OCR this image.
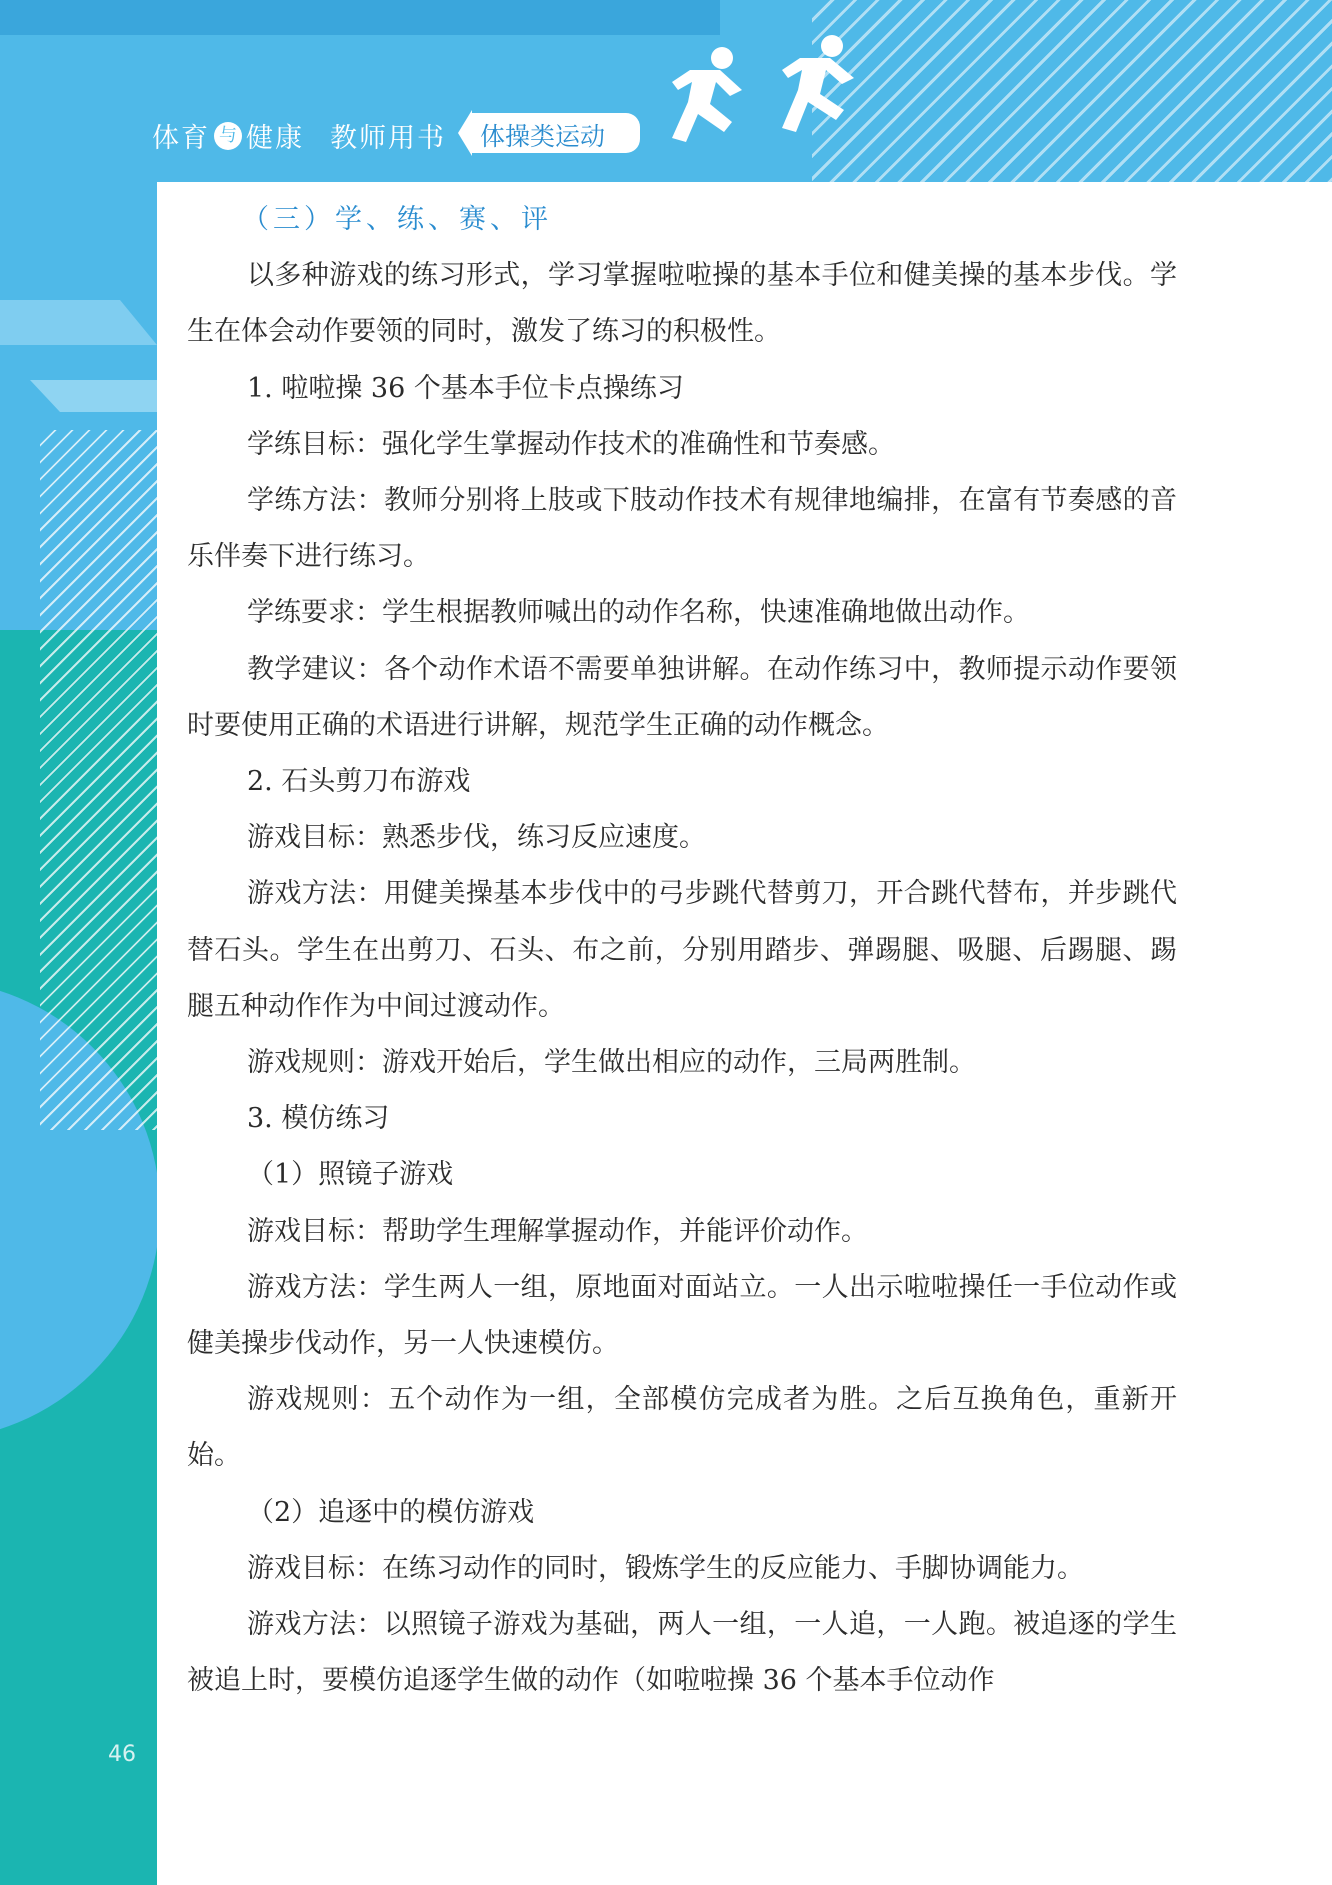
体育 与 健康 教师用书 体操类运动

（三）学、练、赛、评

以多种游戏的练习形式，学习掌握啦啦操的基本手位和健美操的基本步伐。学生在体会动作要领的同时，激发了练习的积极性。

1. 啦啦操 36 个基本手位卡点操练习

学练目标：强化学生掌握动作技术的准确性和节奏感。

学练方法：教师分别将上肢或下肢动作技术有规律地编排，在富有节奏感的音乐伴奏下进行练习。

学练要求：学生根据教师喊出的动作名称，快速准确地做出动作。

教学建议：各个动作术语不需要单独讲解。在动作练习中，教师提示动作要领时要使用正确的术语进行讲解，规范学生正确的动作概念。

2. 石头剪刀布游戏

游戏目标：熟悉步伐，练习反应速度。

游戏方法：用健美操基本步伐中的弓步跳代替剪刀，开合跳代替布，并步跳代替石头。学生在出剪刀、石头、布之前，分别用踏步、弹踢腿、吸腿、后踢腿、踢腿五种动作作为中间过渡动作。

游戏规则：游戏开始后，学生做出相应的动作，三局两胜制。

3. 模仿练习

（1）照镜子游戏

游戏目标：帮助学生理解掌握动作，并能评价动作。

游戏方法：学生两人一组，原地面对面站立。一人出示啦啦操任一手位动作或健美操步伐动作，另一人快速模仿。

游戏规则：五个动作为一组，全部模仿完成者为胜。之后互换角色，重新开始。

（2）追逐中的模仿游戏

游戏目标：在练习动作的同时，锻炼学生的反应能力、手脚协调能力。

游戏方法：以照镜子游戏为基础，两人一组，一人追，一人跑。被追逐的学生被追上时，要模仿追逐学生做的动作（如啦啦操 36 个基本手位动作

46
